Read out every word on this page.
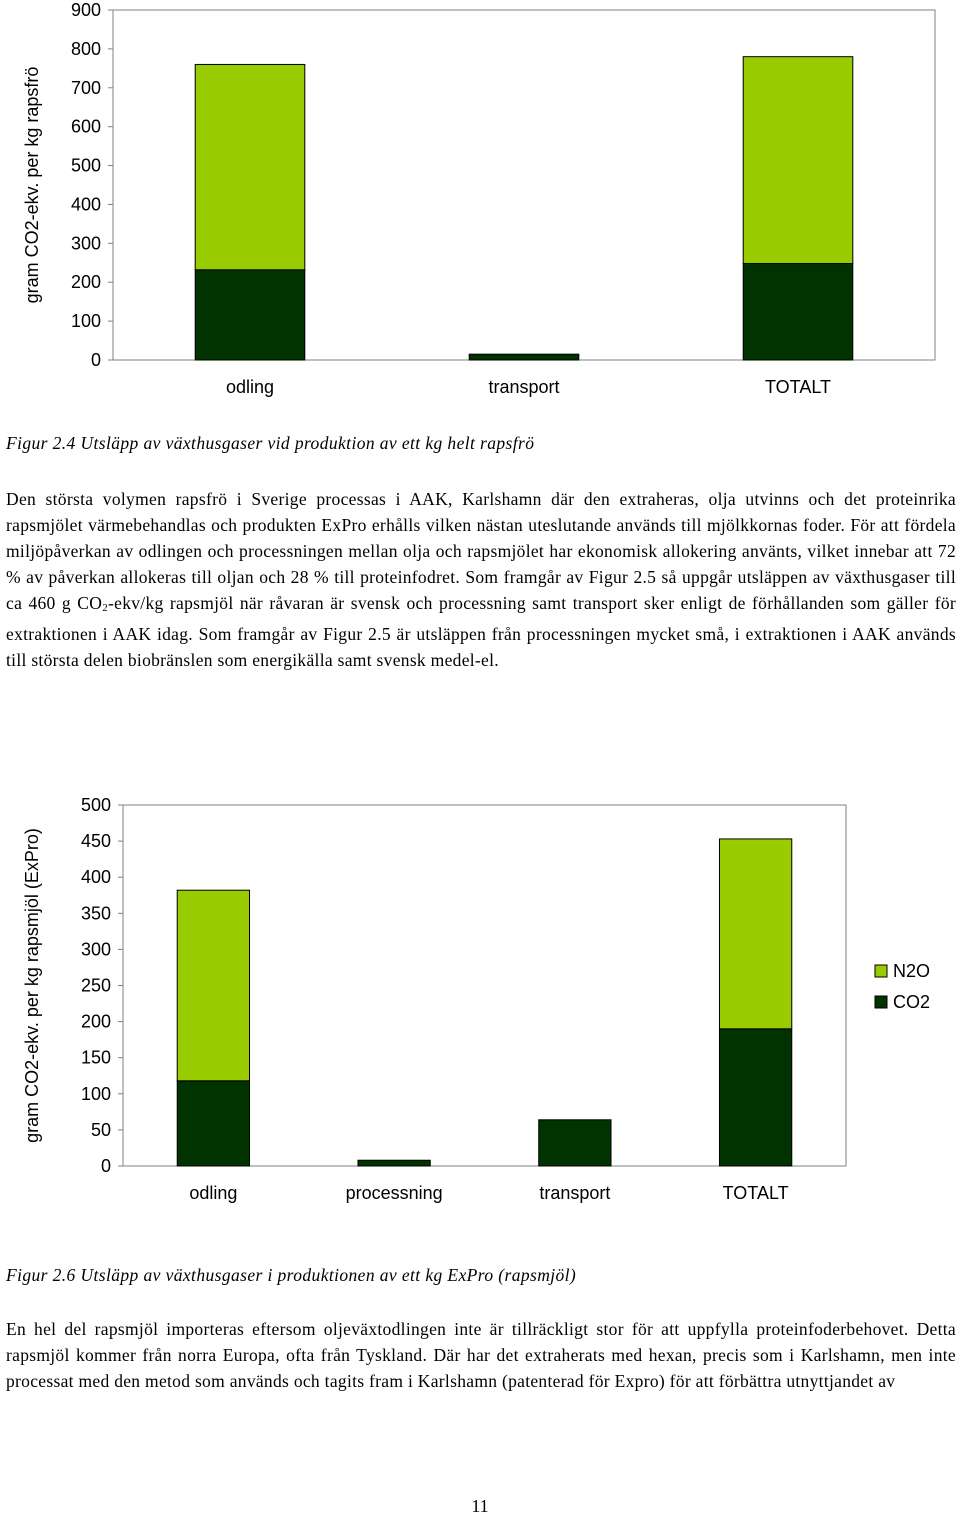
0
100
200
300
400
500
600
700
800
900
gram CO2-ekv. per kg rapsfrö
odling	transport	TOTALT

Figur 2.4 Utsläpp av växthusgaser vid produktion av ett kg helt rapsfrö

Den största volymen rapsfrö i Sverige processas i AAK, Karlshamn där den extraheras, olja utvinns och det proteinrika rapsmjölet värmebehandlas och produkten ExPro erhålls vilken nästan uteslutande används till mjölkkornas foder. För att fördela miljöpåverkan av odlingen och processningen mellan olja och rapsmjölet har ekonomisk allokering använts, vilket innebar att 72 % av påverkan allokeras till oljan och 28 % till proteinfodret. Som framgår av Figur 2.5 så uppgår utsläppen av växthusgaser till ca 460 g CO2-ekv/kg rapsmjöl när råvaran är svensk och processning samt transport sker enligt de förhållanden som gäller för extraktionen i AAK idag. Som framgår av Figur 2.5 är utsläppen från processningen mycket små, i extraktionen i AAK används till största delen biobränslen som energikälla samt svensk medel-el.

0
50
100
150
200
250
300
350
400
450
500
gram CO2-ekv. per kg rapsmjöl (ExPro)
odling	processning	transport	TOTALT
N2O
CO2

Figur 2.6 Utsläpp av växthusgaser i produktionen av ett kg ExPro (rapsmjöl)

En hel del rapsmjöl importeras eftersom oljeväxtodlingen inte är tillräckligt stor för att uppfylla proteinfoderbehovet. Detta rapsmjöl kommer från norra Europa, ofta från Tyskland. Där har det extraherats med hexan, precis som i Karlshamn, men inte processat med den metod som används och tagits fram i Karlshamn (patenterad för Expro) för att förbättra utnyttjandet av

11
